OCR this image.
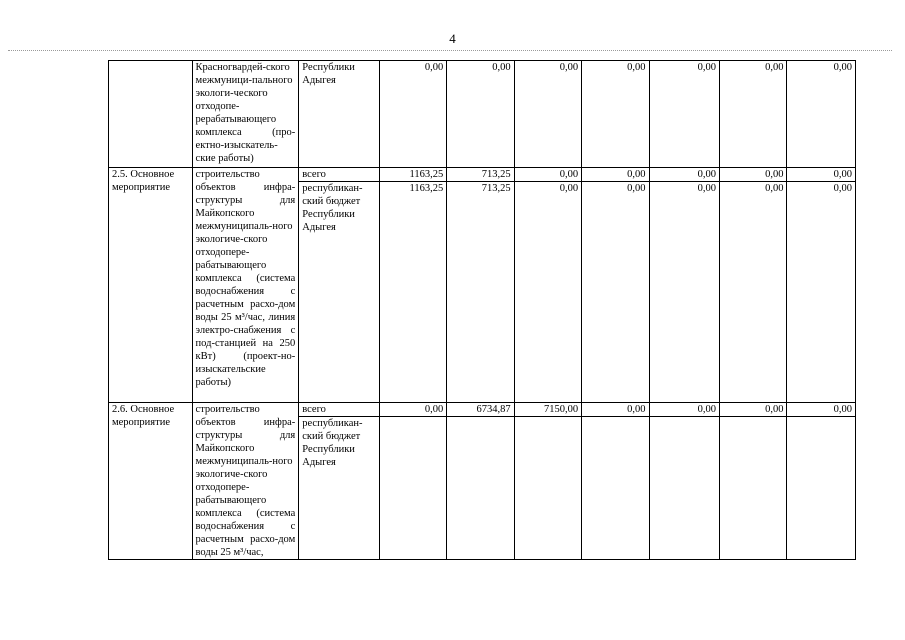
4
	Красногвардей-ского межмуници-пального экологи-ческого отходопе-рерабатывающего комплекса (про-ектно-изыскатель-ские работы)	Республики Адыгея	0,00	0,00	0,00	0,00	0,00	0,00	0,00
2.5. Основное мероприятие	строительство объектов инфра-структуры для Майкопского межмуниципаль-ного экологиче-ского отходопере-рабатывающего комплекса (система водоснабжения с расчетным расхо-дом воды 25 м³/час, линия электро-снабжения с под-станцией на 250 кВт) (проект-но-изыскательские работы)	всего	1163,25	713,25	0,00	0,00	0,00	0,00	0,00
		республикан-ский бюджет Республики Адыгея	1163,25	713,25	0,00	0,00	0,00	0,00	0,00
2.6. Основное мероприятие	строительство объектов инфра-структуры для Майкопского межмуниципаль-ного экологиче-ского отходопере-рабатывающего комплекса (система водоснабжения с расчетным расхо-дом воды 25 м³/час,	всего	0,00	6734,87	7150,00	0,00	0,00	0,00	0,00
		республикан-ский бюджет Республики Адыгея							
